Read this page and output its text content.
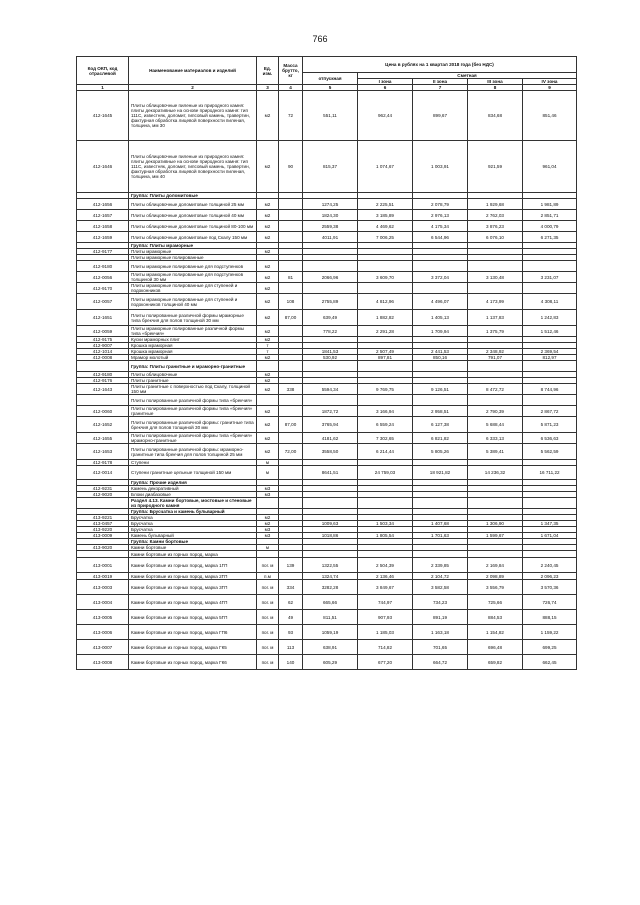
766
Код ОКП, код отраслевой	Наименование материалов и изделий	Ед. изм.	Масса брутто, кг	Цена в рублях на 1 квартал 2018 года (без НДС)				
				отпускная	Сметная			
					I зона	II зона	III зона	IV зона
1	2	3	4	5	6	7	8	9
412-1645	Плиты облицовочные пиленые из природного камня: плиты декоративные на основе природного камня: тип 111С, известняк, доломит, гипсовый камень, травертин, фактурная обработка лицевой поверхности пиленая, толщина, мм 30	м2	72	551,11	962,44	899,67	834,68	851,46
412-1646	Плиты облицовочные пиленые из природного камня: плиты декоративные на основе природного камня: тип 111С, известняк, доломит, гипсовый камень, травертин, фактурная обработка лицевой поверхности пиленая, толщина, мм 40	м2	90	815,37	1 074,67	1 003,91	921,59	961,04
	Группа: Плиты доломитовые							
412-1656	Плиты облицовочные доломитовые толщиной 25 мм	м2		1274,25	2 225,51	2 078,79	1 929,68	1 981,89
412-1657	Плиты облицовочные доломитовые толщиной 40 мм	м2		1824,30	3 185,89	2 976,13	2 762,03	2 851,71
412-1658	Плиты облицовочные доломитовые толщиной 80-100 мм	м2		2559,38	4 469,62	4 175,34	3 876,23	4 000,79
412-1659	Плиты облицовочные доломитовые под Скалу 150 мм	м2		4011,91	7 006,25	6 544,96	6 076,10	6 271,35
	Группа: Плиты мраморные							
412-9177	Плиты мраморные	м2						
	Плиты мраморные полированные							
412-9180	Плиты мраморные полированные для подступенков	м2						
412-0056	Плиты мраморные полированные для подступенков толщиной 30 мм	м2	81	2066,96	3 609,70	3 372,04	3 130,48	3 231,07
412-9170	Плиты мраморные полированные для ступеней и подоконников	м2						
412-0057	Плиты мраморные полированные для ступеней и подоконников толщиной 40 мм	м2	108	2755,89	4 812,96	4 496,07	4 173,99	4 308,11
412-1651	Плиты полированные различной формы мраморные типа брекчия для полов толщиной 30 мм	м2	87,00	639,49	1 882,82	1 405,13	1 137,83	1 242,83
412-0059	Плиты мраморные полированные различной формы типа «брекчия»	м2		778,22	2 291,28	1 709,94	1 375,79	1 512,46
412-9175	Куски мраморных плит	м2						
412-9007	Крошка мраморная	т						
412-1014	Крошка мраморная	т		1841,53	2 507,49	2 441,53	2 348,92	2 369,54
412-0008	Мрамор молотый	м2		530,92	897,81	850,16	791,07	812,97
	Группа: Плиты гранитные и мраморно-гранитные							
412-9180	Плиты облицовочные	м2						
412-9176	Плиты гранитные	м2						
412-1643	Плиты гранитные с поверхностью под Скалу, толщиной 150 мм	м2	338	5594,34	9 769,75	9 126,51	8 472,72	8 744,96
	Плиты полированные различной формы типа «брекчия»							
412-0060	Плиты полированные различной формы типа «брекчия» гранитные	м2		1872,72	3 166,94	2 958,51	2 790,39	2 867,72
412-1652	Плиты полированные различной формы: гранитные типа брекчия для полов толщиной 30 мм	м2	87,00	3765,94	6 559,24	6 127,38	5 688,44	5 871,23
412-1655	Плиты полированные различной формы типа «брекчия» мраморно-гранитные	м2		4181,62	7 302,65	6 821,82	6 333,13	6 536,63
412-1653	Плиты полированные различной формы: мраморно-гранитные типа брекчия для полов толщиной 25 мм	м2	72,00	3558,50	6 214,44	5 805,26	5 389,41	5 562,59
412-9178	Ступени	м						
412-0014	Ступени гранитные цельные толщиной 150 мм	м		8641,51	24 759,03	18 921,82	14 236,32	16 711,22
	Группа: Прочие изделия							
412-9231	Камень декоративный	м3						
412-9020	Блоки диабазовые	м3						
	Раздел 4.13. Камни бортовые, мостовые и стеновые из природного камня							
	Группа: Брусчатка и камень бульварный							
413-9221	Брусчатка	м2						
413-0457	Брусчатка	м2		1009,63	1 503,34	1 407,68	1 306,90	1 347,35
413-9220	Брусчатка	м3						
413-0009	Камень бульварный	м3		1018,86	1 805,54	1 701,63	1 599,67	1 671,04
	Группа: Камни бортовые							
413-9020	Камни бортовые	м						
	Камни бортовые из горных пород, марка							
413-0001	Камни бортовые из горных пород, марка 1ГП	пог. м	139	1322,55	2 504,39	2 339,85	2 169,84	2 240,45
413-0019	Камни бортовые из горных пород, марка 2ГП	п.м		1324,74	2 136,46	2 104,72	2 098,89	2 096,23
413-0003	Камни бортовые из горных пород, марка 3ГП	пог. м	334	3282,28	3 849,67	3 582,58	3 556,79	3 570,36
413-0004	Камни бортовые из горных пород, марка 4ГП	пог. м	62	665,66	744,97	734,23	725,66	726,74
413-0005	Камни бортовые из горных пород, марка 5ГП	пог. м	49	811,51	907,93	891,19	884,53	888,15
413-0006	Камни бортовые из горных пород, марка ГП6	пог. м	93	1059,19	1 185,03	1 163,18	1 154,82	1 159,22
413-0007	Камни бортовые из горных пород, марка ГК5	пог. м	113	638,91	714,82	701,65	696,48	699,25
413-0008	Камни бортовые из горных пород, марка ГК6	пог. м	140	605,29	677,20	664,72	659,82	662,45
